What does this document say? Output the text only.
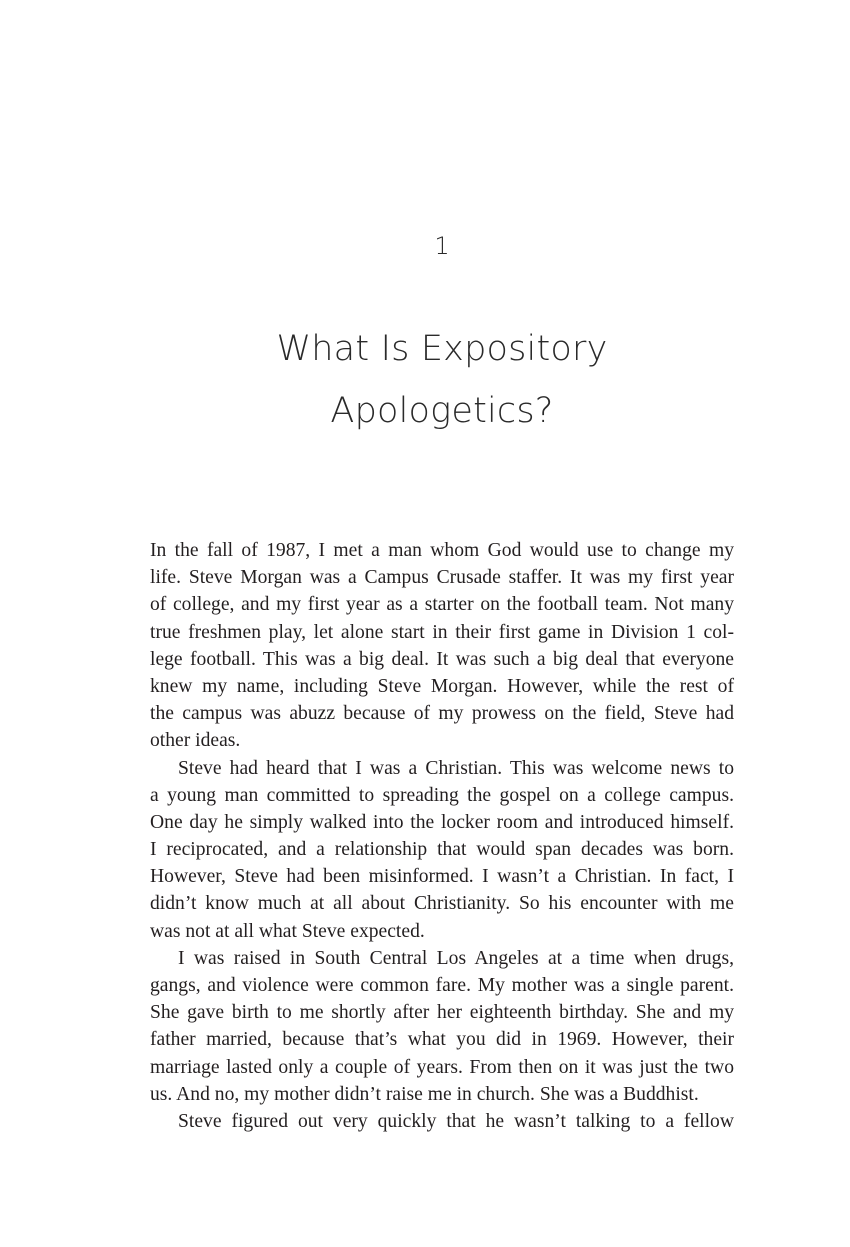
1
What Is Expository
Apologetics?
In the fall of 1987, I met a man whom God would use to change my
life. Steve Morgan was a Campus Crusade staffer. It was my first year
of college, and my first year as a starter on the football team. Not many
true freshmen play, let alone start in their first game in Division 1 col-
lege football. This was a big deal. It was such a big deal that everyone
knew my name, including Steve Morgan. However, while the rest of
the campus was abuzz because of my prowess on the field, Steve had
other ideas.
Steve had heard that I was a Christian. This was welcome news to
a young man committed to spreading the gospel on a college campus.
One day he simply walked into the locker room and introduced himself.
I reciprocated, and a relationship that would span decades was born.
However, Steve had been misinformed. I wasn’t a Christian. In fact, I
didn’t know much at all about Christianity. So his encounter with me
was not at all what Steve expected.
I was raised in South Central Los Angeles at a time when drugs,
gangs, and violence were common fare. My mother was a single parent.
She gave birth to me shortly after her eighteenth birthday. She and my
father married, because that’s what you did in 1969. However, their
marriage lasted only a couple of years. From then on it was just the two
us. And no, my mother didn’t raise me in church. She was a Buddhist.
Steve figured out very quickly that he wasn’t talking to a fellow
